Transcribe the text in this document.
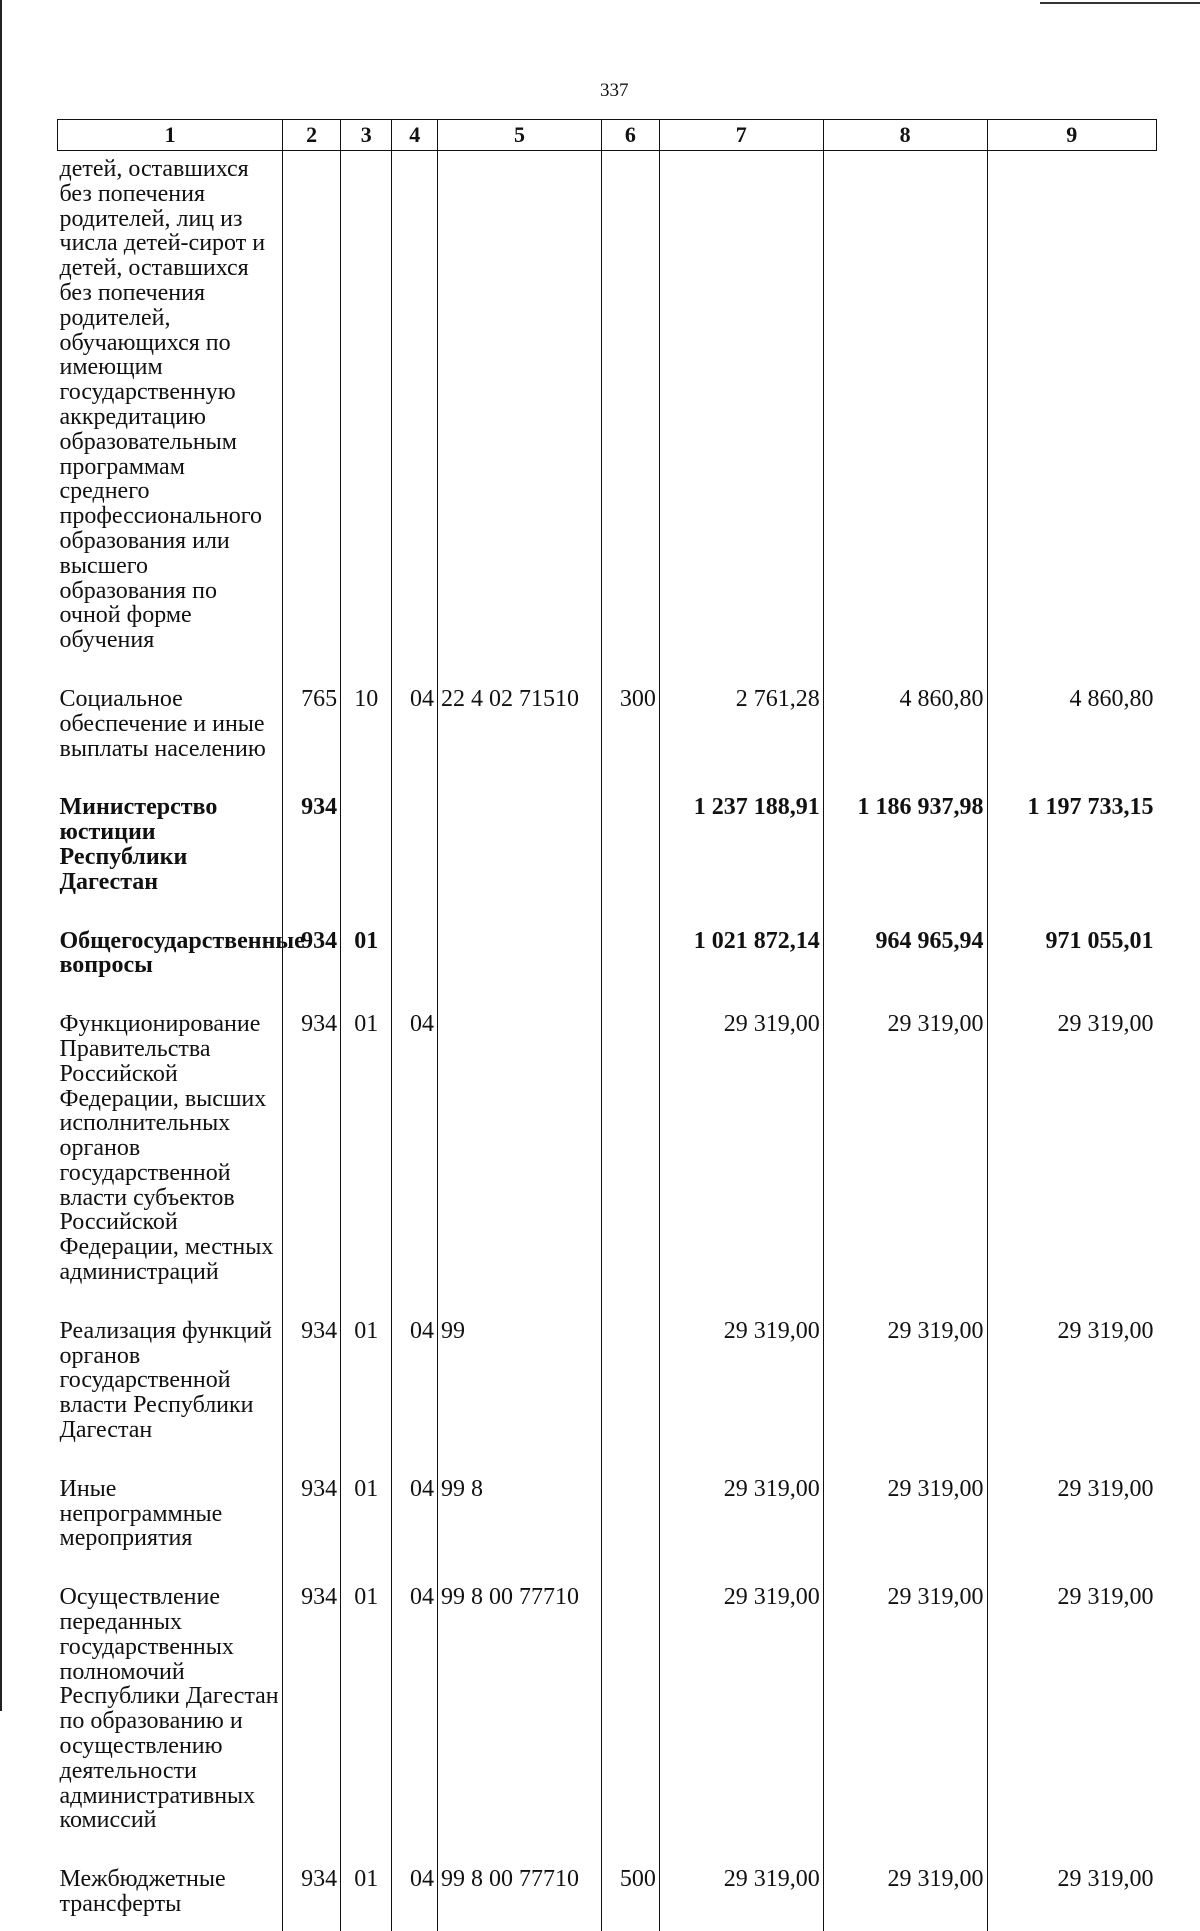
337
1	2	3	4	5	6	7	8	9
детей, оставшихся без попечения родителей, лиц из числа детей-сирот и детей, оставшихся без попечения родителей, обучающихся по имеющим государственную аккредитацию образовательным программам среднего профессионального образования или высшего образования по очной форме обучения								
Социальное обеспечение и иные выплаты населению	765	10	04	22 4 02 71510	300	2 761,28	4 860,80	4 860,80
Министерство юстиции Республики Дагестан	934					1 237 188,91	1 186 937,98	1 197 733,15
Общегосударственные вопросы	934	01				1 021 872,14	964 965,94	971 055,01
Функционирование Правительства Российской Федерации, высших исполнительных органов государственной власти субъектов Российской Федерации, местных администраций	934	01	04			29 319,00	29 319,00	29 319,00
Реализация функций органов государственной власти Республики Дагестан	934	01	04	99		29 319,00	29 319,00	29 319,00
Иные непрограммные мероприятия	934	01	04	99 8		29 319,00	29 319,00	29 319,00
Осуществление переданных государственных полномочий Республики Дагестан по образованию и осуществлению деятельности административных комиссий	934	01	04	99 8 00 77710		29 319,00	29 319,00	29 319,00
Межбюджетные трансферты	934	01	04	99 8 00 77710	500	29 319,00	29 319,00	29 319,00
